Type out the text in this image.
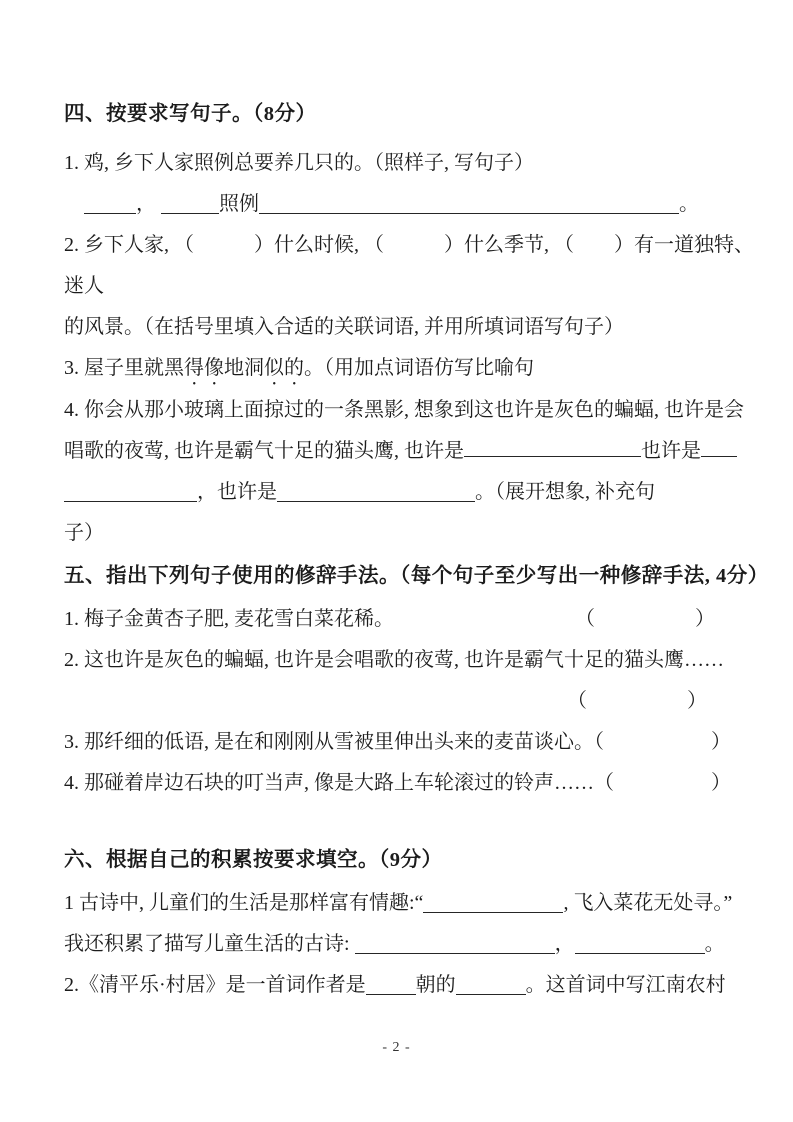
四、按要求写句子。（8分）
1. 鸡, 乡下人家照例总要养几只的。（照样子, 写句子）
，	照例	。
2. 乡下人家, （　　　）什么时候, （　　　）什么季节, （　　）有一道独特、
迷人
的风景。（在括号里填入合适的关联词语, 并用所填词语写句子）
3. 屋子里就黑得像地洞似的。（用加点词语仿写比喻句
4. 你会从那小玻璃上面掠过的一条黑影, 想象到这也许是灰色的蝙蝠, 也许是会
唱歌的夜莺, 也许是霸气十足的猫头鹰, 也许是	也许是
，也许是	。（展开想象, 补充句
子）
五、指出下列句子使用的修辞手法。（每个句子至少写出一种修辞手法, 4分）
1. 梅子金黄杏子肥, 麦花雪白菜花稀。	（　　　　　）
2. 这也许是灰色的蝙蝠, 也许是会唱歌的夜莺, 也许是霸气十足的猫头鹰……
（　　　　　）
3. 那纤细的低语, 是在和刚刚从雪被里伸出头来的麦苗谈心。（	）
4. 那碰着岸边石块的叮当声, 像是大路上车轮滚过的铃声……（	）
六、根据自己的积累按要求填空。（9分）
1 古诗中, 儿童们的生活是那样富有情趣:“	, 飞入菜花无处寻。”
我还积累了描写儿童生活的古诗:	，	。
2.《清平乐·村居》是一首词作者是	朝的	。这首词中写江南农村
- 2 -
